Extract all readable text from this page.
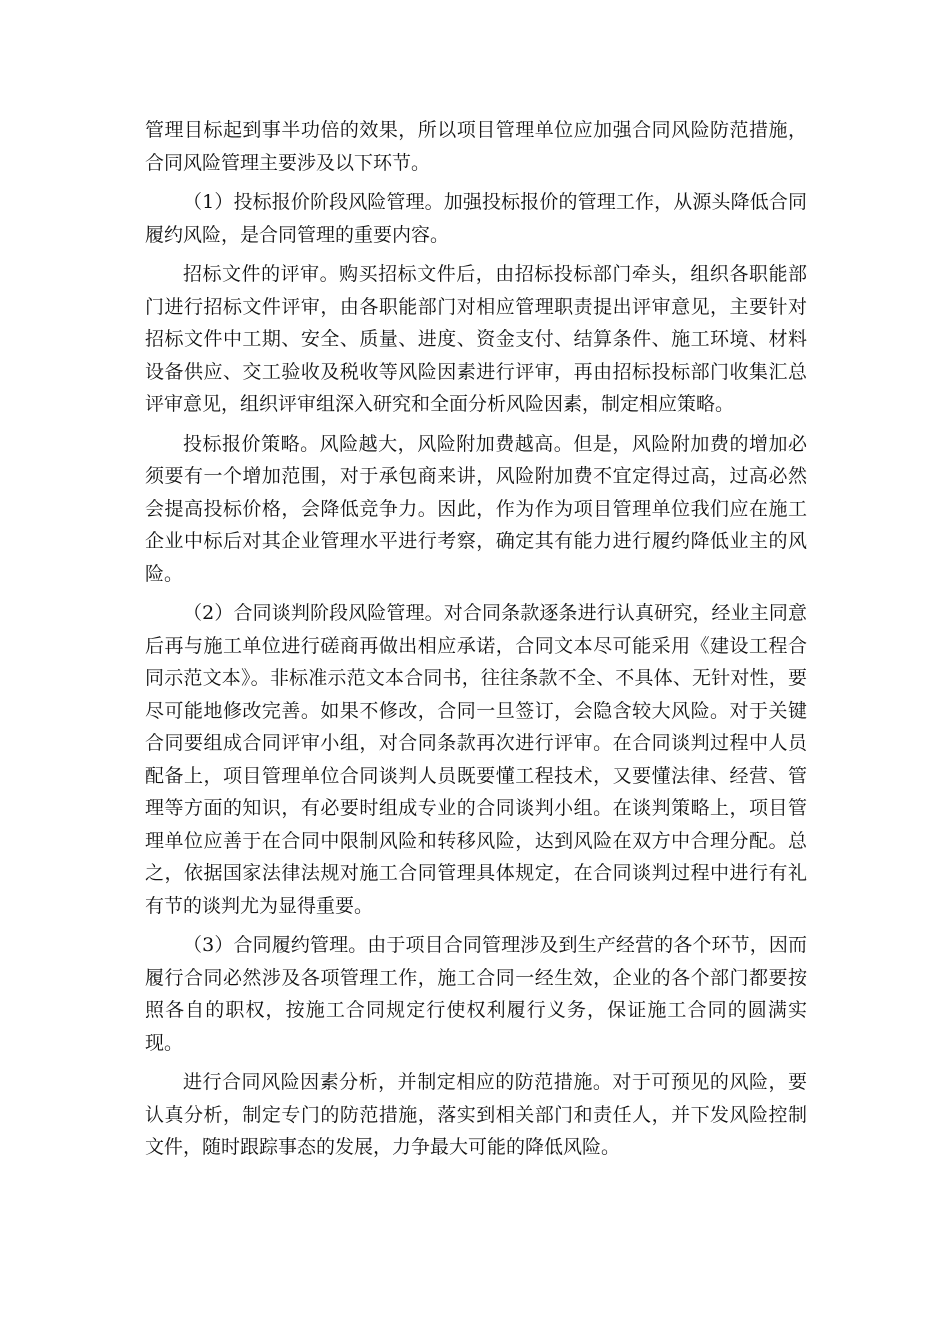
管理目标起到事半功倍的效果，所以项目管理单位应加强合同风险防范措施，合同风险管理主要涉及以下环节。

（1）投标报价阶段风险管理。加强投标报价的管理工作，从源头降低合同履约风险，是合同管理的重要内容。

招标文件的评审。购买招标文件后，由招标投标部门牵头，组织各职能部门进行招标文件评审，由各职能部门对相应管理职责提出评审意见，主要针对招标文件中工期、安全、质量、进度、资金支付、结算条件、施工环境、材料设备供应、交工验收及税收等风险因素进行评审，再由招标投标部门收集汇总评审意见，组织评审组深入研究和全面分析风险因素，制定相应策略。

投标报价策略。风险越大，风险附加费越高。但是，风险附加费的增加必须要有一个增加范围，对于承包商来讲，风险附加费不宜定得过高，过高必然会提高投标价格，会降低竞争力。因此，作为作为项目管理单位我们应在施工企业中标后对其企业管理水平进行考察，确定其有能力进行履约降低业主的风险。

（2）合同谈判阶段风险管理。对合同条款逐条进行认真研究，经业主同意后再与施工单位进行磋商再做出相应承诺，合同文本尽可能采用《建设工程合同示范文本》。非标准示范文本合同书，往往条款不全、不具体、无针对性，要尽可能地修改完善。如果不修改，合同一旦签订，会隐含较大风险。对于关键合同要组成合同评审小组，对合同条款再次进行评审。在合同谈判过程中人员配备上，项目管理单位合同谈判人员既要懂工程技术，又要懂法律、经营、管理等方面的知识，有必要时组成专业的合同谈判小组。在谈判策略上，项目管理单位应善于在合同中限制风险和转移风险，达到风险在双方中合理分配。总之，依据国家法律法规对施工合同管理具体规定，在合同谈判过程中进行有礼有节的谈判尤为显得重要。

（3）合同履约管理。由于项目合同管理涉及到生产经营的各个环节，因而履行合同必然涉及各项管理工作，施工合同一经生效，企业的各个部门都要按照各自的职权，按施工合同规定行使权利履行义务，保证施工合同的圆满实现。

进行合同风险因素分析，并制定相应的防范措施。对于可预见的风险，要认真分析，制定专门的防范措施，落实到相关部门和责任人，并下发风险控制文件，随时跟踪事态的发展，力争最大可能的降低风险。
